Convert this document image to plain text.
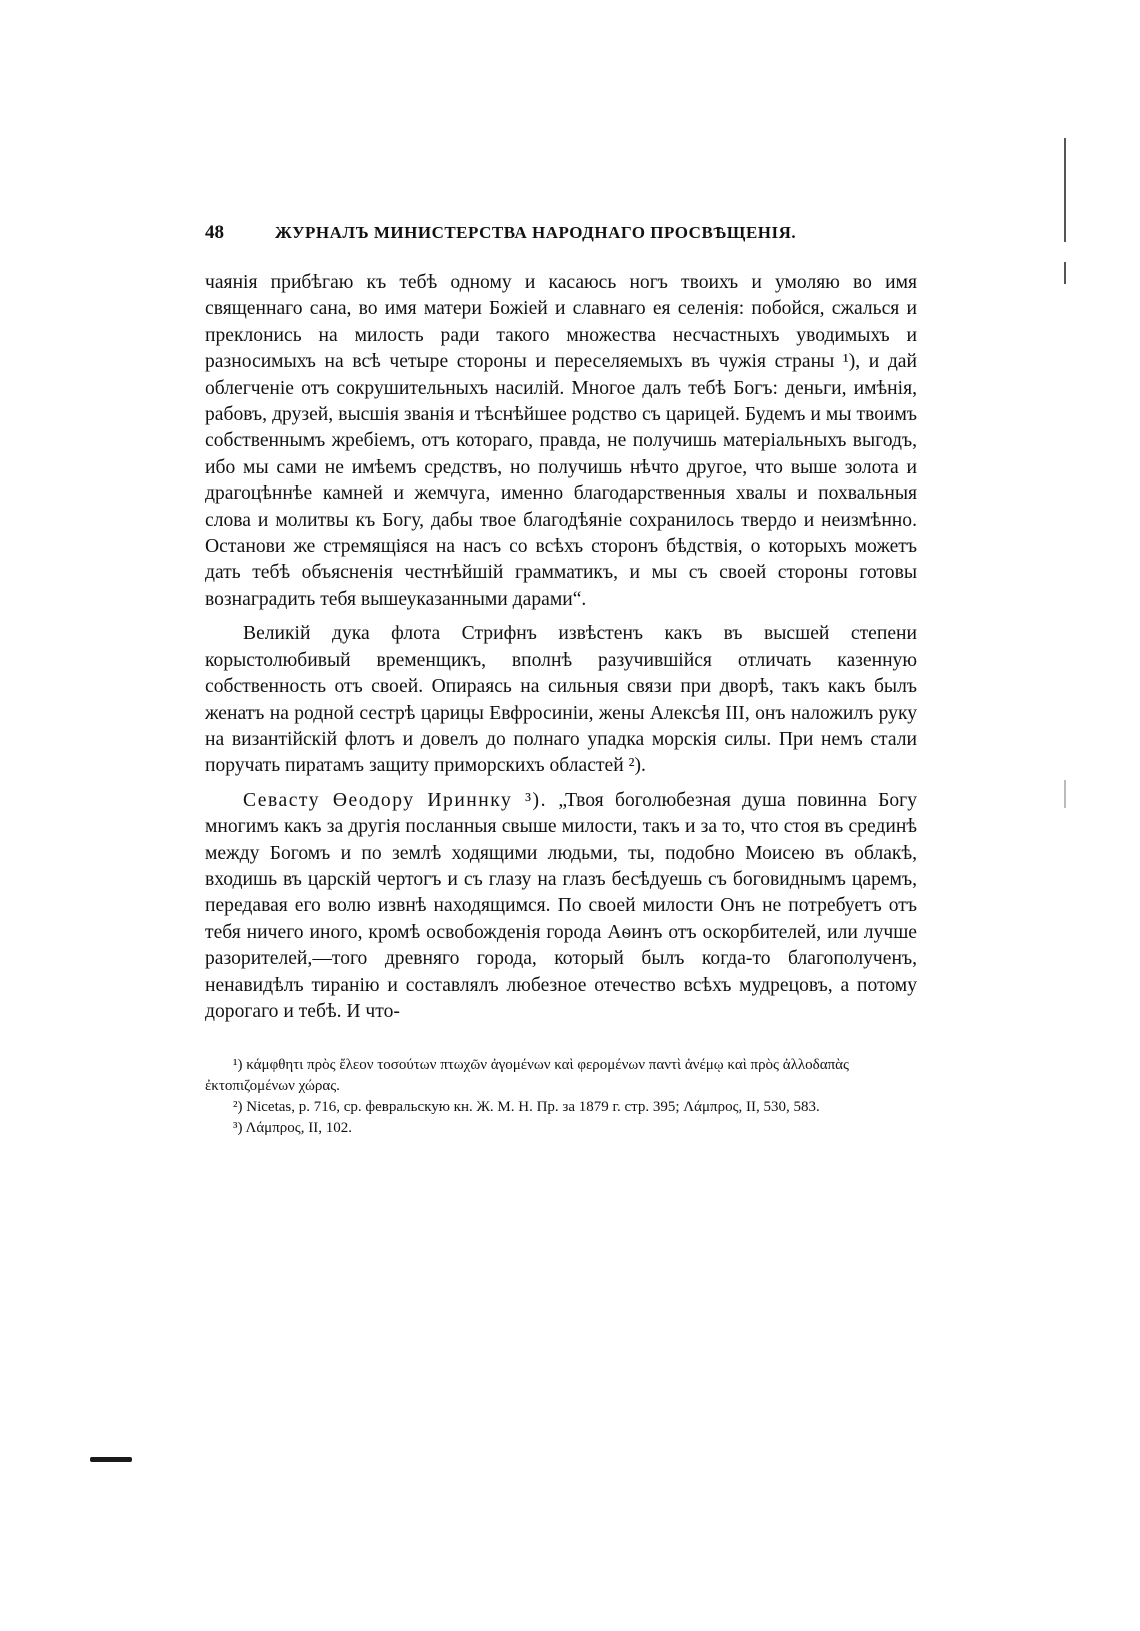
48	ЖУРНАЛЪ МИНИСТЕРСТВА НАРОДНАГО ПРОСВѢЩЕНІЯ.

чаянія прибѣгаю къ тебѣ одному и касаюсь ногъ твоихъ и умоляю во имя священнаго сана, во имя матери Божіей и славнаго ея селенія: побойся, сжалься и преклонись на милость ради такого множества несчастныхъ уводимыхъ и разносимыхъ на всѣ четыре стороны и переселяемыхъ въ чужія страны ¹), и дай облегченіе отъ сокрушительныхъ насилій. Многое далъ тебѣ Богъ: деньги, имѣнія, рабовъ, друзей, высшія званія и тѣснѣйшее родство съ царицей. Будемъ и мы твоимъ собственнымъ жребіемъ, отъ котораго, правда, не получишь матеріальныхъ выгодъ, ибо мы сами не имѣемъ средствъ, но получишь нѣчто другое, что выше золота и драгоцѣннѣе камней и жемчуга, именно благодарственныя хвалы и похвальныя слова и молитвы къ Богу, дабы твое благодѣяніе сохранилось твердо и неизмѣнно. Останови же стремящіяся на насъ со всѣхъ сторонъ бѣдствія, о которыхъ можетъ дать тебѣ объясненія честнѣйшій грамматикъ, и мы съ своей стороны готовы вознаградить тебя вышеуказанными дарами“.

Великій дука флота Стрифнъ извѣстенъ какъ въ высшей степени корыстолюбивый временщикъ, вполнѣ разучившійся отличать казенную собственность отъ своей. Опираясь на сильныя связи при дворѣ, такъ какъ былъ женатъ на родной сестрѣ царицы Евфросиніи, жены Алексѣя III, онъ наложилъ руку на византійскій флотъ и довелъ до полнаго упадка морскія силы. При немъ стали поручать пиратамъ защиту приморскихъ областей ²).

Севасту Өеодору Ириннку ³). „Твоя боголюбезная душа повинна Богу многимъ какъ за другія посланныя свыше милости, такъ и за то, что стоя въ срединѣ между Богомъ и по землѣ ходящими людьми, ты, подобно Моисею въ облакѣ, входишь въ царскій чертогъ и съ глазу на глазъ бесѣдуешь съ боговиднымъ царемъ, передавая его волю извнѣ находящимся. По своей милости Онъ не потребуетъ отъ тебя ничего иного, кромѣ освобожденія города Аѳинъ отъ оскорбителей, или лучше разорителей,—того древняго города, который былъ когда-то благополученъ, ненавидѣлъ тиранію и составлялъ любезное отечество всѣхъ мудрецовъ, а потому дорогаго и тебѣ. И что-

¹) κάμφθητι πρὸς ἔλεον τοσούτων πτωχῶν ἀγομένων καὶ φερομένων παντὶ ἀνέμῳ καὶ πρὸς ἀλλοδαπὰς ἐκτοπιζομένων χώρας.

²) Nicetas, p. 716, ср. февральскую кн. Ж. М. Н. Пр. за 1879 г. стр. 395; Λάμπρος, II, 530, 583.

³) Λάμπρος, II, 102.
